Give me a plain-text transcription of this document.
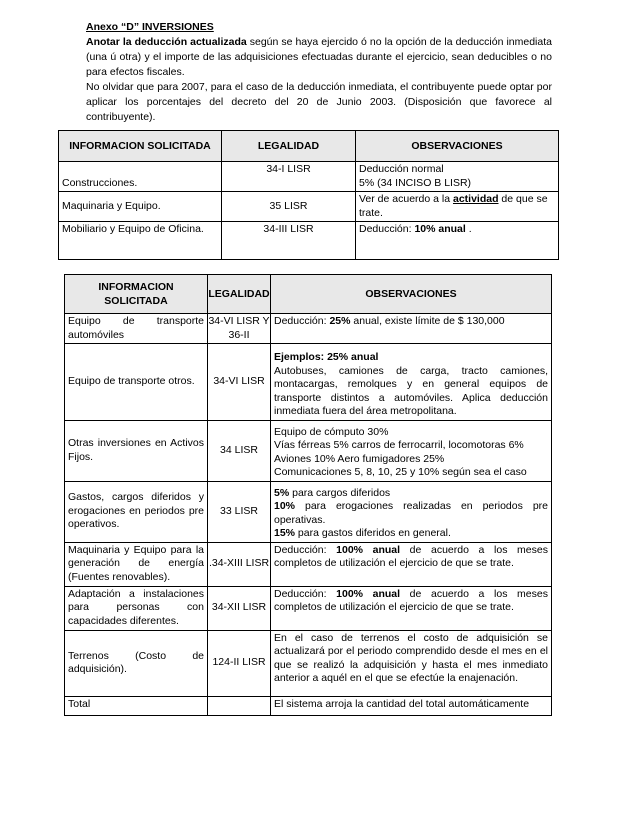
Anexo “D” INVERSIONES

Anotar la deducción actualizada según se haya ejercido ó no la opción de la deducción inmediata (una ú otra) y el importe de las adquisiciones efectuadas durante el ejercicio, sean deducibles o no para efectos fiscales.

No olvidar que para 2007, para el caso de la deducción inmediata, el contribuyente puede optar por aplicar los porcentajes del decreto del 20 de Junio 2003. (Disposición que favorece al contribuyente).

INFORMACION SOLICITADA	LEGALIDAD	OBSERVACIONES
Construcciones.	34-I LISR	Deducción normal
5% (34 INCISO B LISR)

Maquinaria y Equipo.	35 LISR	Ver de acuerdo a la actividad de que se trate.
Mobiliario y Equipo de Oficina.	34-III LISR	Deducción: 10% anual .
INFORMACION SOLICITADA	LEGALIDAD	OBSERVACIONES
Equipo de transporte automóviles	34-VI LISR Y 36-II	Deducción: 25% anual, existe límite de $ 130,000
Equipo de transporte otros.	34-VI LISR	Ejemplos: 25% anual
Autobuses, camiones de carga, tracto camiones, montacargas, remolques y en general equipos de transporte distintos a automóviles. Aplica deducción inmediata fuera del área metropolitana.

Otras inversiones en Activos Fijos.	34 LISR	Equipo de cómputo 30%
Vías férreas 5% carros de ferrocarril, locomotoras 6%
Aviones 10% Aero fumigadores 25%
Comunicaciones 5, 8, 10, 25 y 10% según sea el caso

Gastos, cargos diferidos y erogaciones en periodos pre operativos.	33 LISR	5% para cargos diferidos
10% para erogaciones realizadas en periodos pre operativas.
15% para gastos diferidos en general.

Maquinaria y Equipo para la generación de energía (Fuentes renovables).	.34-XIII LISR	Deducción: 100% anual de acuerdo a los meses completos de utilización el ejercicio de que se trate.
Adaptación a instalaciones para personas con capacidades diferentes.	34-XII LISR	Deducción: 100% anual de acuerdo a los meses completos de utilización el ejercicio de que se trate.
Terrenos (Costo de adquisición).	124-II LISR	En el caso de terrenos el costo de adquisición se actualizará por el periodo comprendido desde el mes en el que se realizó la adquisición y hasta el mes inmediato anterior a aquél en el que se efectúe la enajenación.
Total		El sistema arroja la cantidad del total automáticamente
